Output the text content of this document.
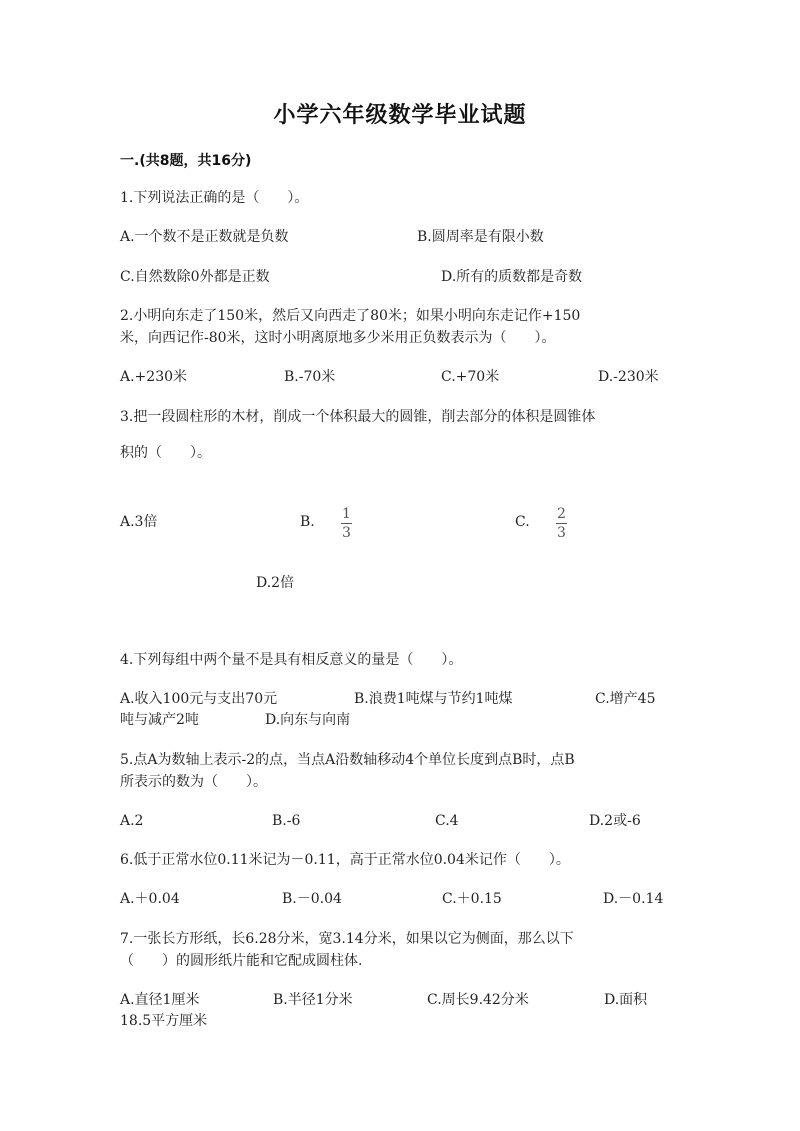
小学六年级数学毕业试题
一.(共8题，共16分)
1.下列说法正确的是（　　）。
A.一个数不是正数就是负数	B.圆周率是有限小数
C.自然数除0外都是正数	D.所有的质数都是奇数
2.小明向东走了150米，然后又向西走了80米；如果小明向东走记作+150
米，向西记作-80米，这时小明离原地多少米用正负数表示为（　　）。
A.+230米	B.-70米	C.+70米	D.-230米
3.把一段圆柱形的木材，削成一个体积最大的圆锥，削去部分的体积是圆锥体
积的（　　）。
A.3倍	B. 1
3
C. 2
3
D.2倍
4.下列每组中两个量不是具有相反意义的量是（　　）。
A.收入100元与支出70元	B.浪费1吨煤与节约1吨煤	C.增产45
吨与减产2吨	D.向东与向南
5.点A为数轴上表示-2的点，当点A沿数轴移动4个单位长度到点B时，点B
所表示的数为（　　）。
A.2	B.-6	C.4	D.2或-6
6.低于正常水位0.11米记为－0.11，高于正常水位0.04米记作（　　）。
A.＋0.04	B.－0.04	C.＋0.15	D.－0.14
7.一张长方形纸，长6.28分米，宽3.14分米，如果以它为侧面，那么以下
（　　）的圆形纸片能和它配成圆柱体.
A.直径1厘米	B.半径1分米	C.周长9.42分米	D.面积
18.5平方厘米
